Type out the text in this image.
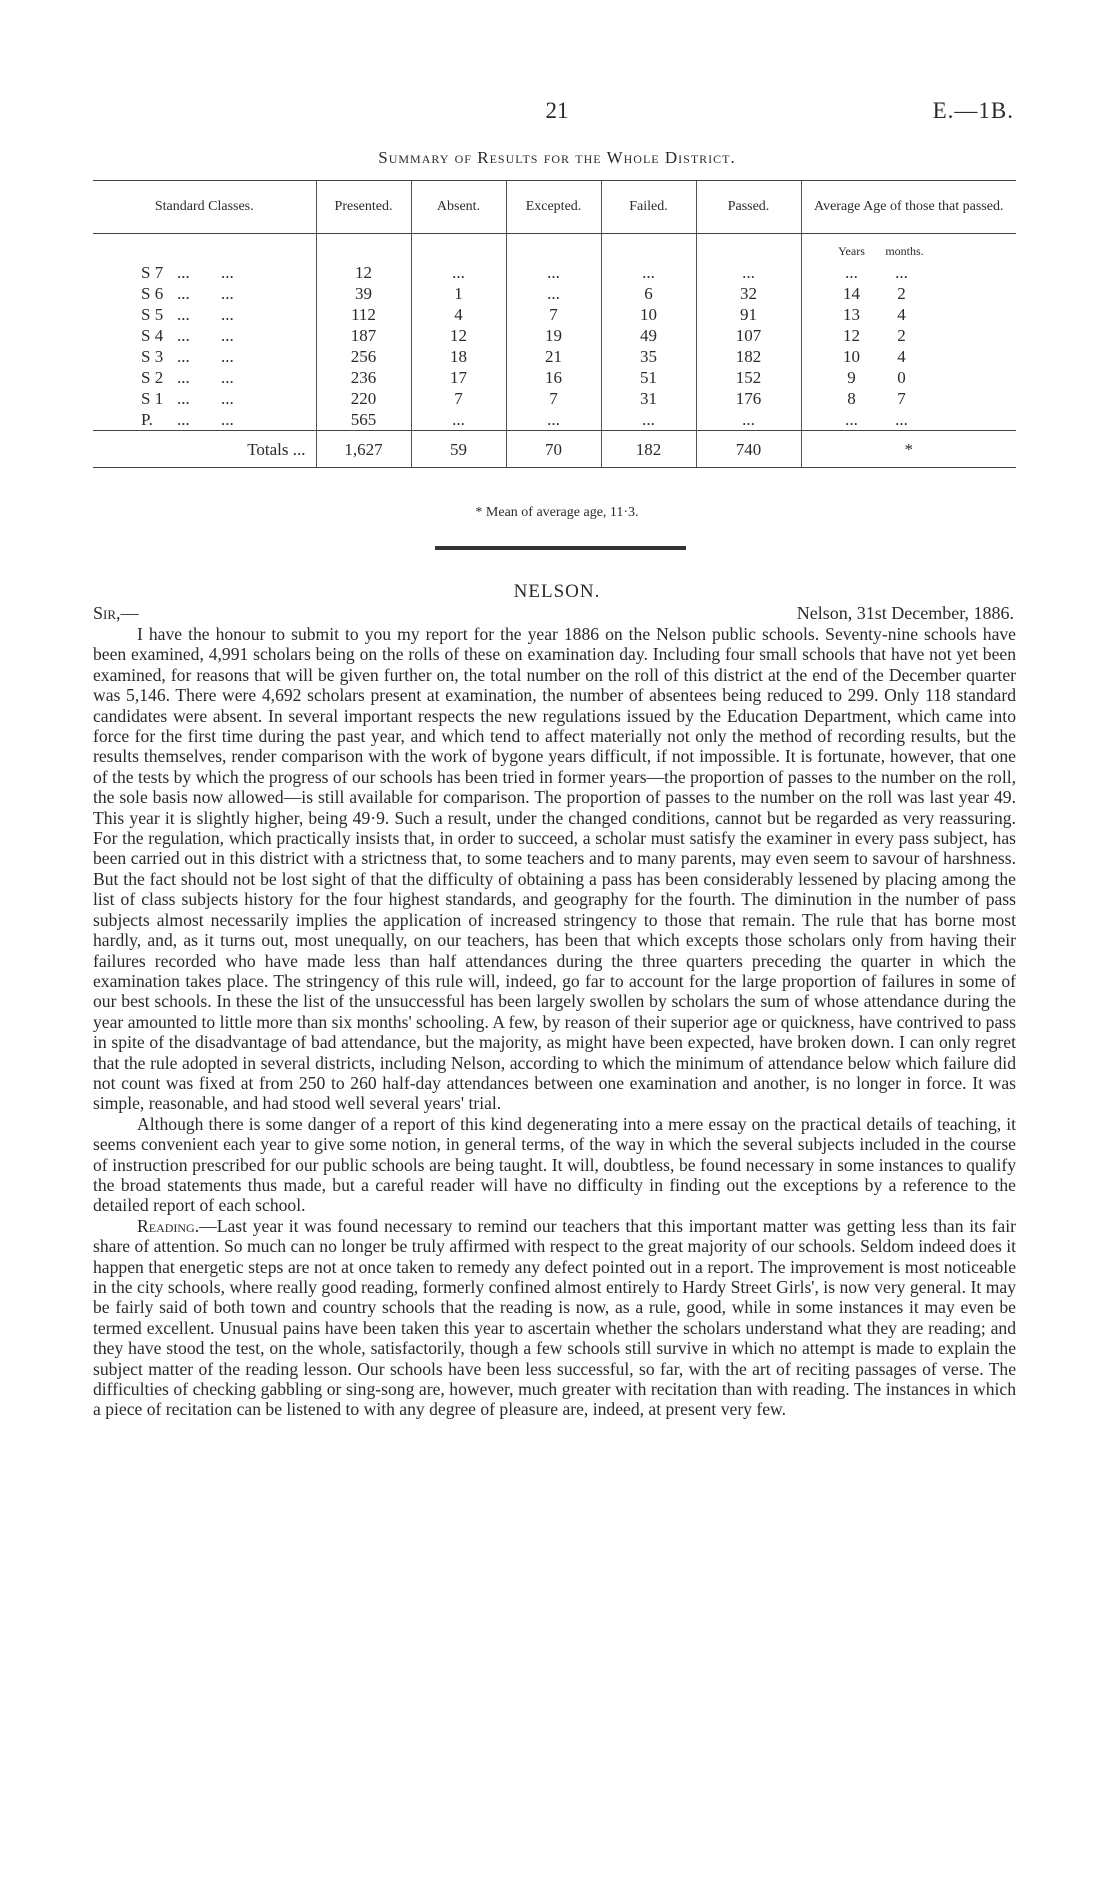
21	E.—1B.
Summary of Results for the Whole District.
Standard Classes.	Presented.	Absent.	Excepted.	Failed.	Passed.	Average Age of those that passed.
						Years months.
S 7 ... ...	12	...	...	...	...	... ...
S 6 ... ...	39	1	...	6	32	14 2
S 5 ... ...	112	4	7	10	91	13 4
S 4 ... ...	187	12	19	49	107	12 2
S 3 ... ...	256	18	21	35	182	10 4
S 2 ... ...	236	17	16	51	152	9 0
S 1 ... ...	220	7	7	31	176	8 7
P. ... ...	565	...	...	...	...	... ...
Totals ...	1,627	59	70	182	740	*
* Mean of average age, 11·3.
NELSON.
Sir,—	Nelson, 31st December, 1886.

I have the honour to submit to you my report for the year 1886 on the Nelson public schools. Seventy-nine schools have been examined, 4,991 scholars being on the rolls of these on examination day. Including four small schools that have not yet been examined, for reasons that will be given further on, the total number on the roll of this district at the end of the December quarter was 5,146. There were 4,692 scholars present at examination, the number of absentees being reduced to 299. Only 118 standard candidates were absent. In several important respects the new regulations issued by the Education Department, which came into force for the first time during the past year, and which tend to affect materially not only the method of recording results, but the results themselves, render comparison with the work of bygone years difficult, if not impossible. It is fortunate, however, that one of the tests by which the progress of our schools has been tried in former years—the proportion of passes to the number on the roll, the sole basis now allowed—is still available for comparison. The proportion of passes to the number on the roll was last year 49. This year it is slightly higher, being 49·9. Such a result, under the changed conditions, cannot but be regarded as very reassuring. For the regulation, which practically insists that, in order to succeed, a scholar must satisfy the examiner in every pass subject, has been carried out in this district with a strictness that, to some teachers and to many parents, may even seem to savour of harshness. But the fact should not be lost sight of that the difficulty of obtaining a pass has been considerably lessened by placing among the list of class subjects history for the four highest standards, and geography for the fourth. The diminution in the number of pass subjects almost necessarily implies the application of increased stringency to those that remain. The rule that has borne most hardly, and, as it turns out, most unequally, on our teachers, has been that which excepts those scholars only from having their failures recorded who have made less than half attendances during the three quarters preceding the quarter in which the examination takes place. The stringency of this rule will, indeed, go far to account for the large proportion of failures in some of our best schools. In these the list of the unsuccessful has been largely swollen by scholars the sum of whose attendance during the year amounted to little more than six months' schooling. A few, by reason of their superior age or quickness, have contrived to pass in spite of the disadvantage of bad attendance, but the majority, as might have been expected, have broken down. I can only regret that the rule adopted in several districts, including Nelson, according to which the minimum of attendance below which failure did not count was fixed at from 250 to 260 half-day attendances between one examination and another, is no longer in force. It was simple, reasonable, and had stood well several years' trial.

Although there is some danger of a report of this kind degenerating into a mere essay on the practical details of teaching, it seems convenient each year to give some notion, in general terms, of the way in which the several subjects included in the course of instruction prescribed for our public schools are being taught. It will, doubtless, be found necessary in some instances to qualify the broad statements thus made, but a careful reader will have no difficulty in finding out the exceptions by a reference to the detailed report of each school.

Reading.—Last year it was found necessary to remind our teachers that this important matter was getting less than its fair share of attention. So much can no longer be truly affirmed with respect to the great majority of our schools. Seldom indeed does it happen that energetic steps are not at once taken to remedy any defect pointed out in a report. The improvement is most noticeable in the city schools, where really good reading, formerly confined almost entirely to Hardy Street Girls', is now very general. It may be fairly said of both town and country schools that the reading is now, as a rule, good, while in some instances it may even be termed excellent. Unusual pains have been taken this year to ascertain whether the scholars understand what they are reading; and they have stood the test, on the whole, satisfactorily, though a few schools still survive in which no attempt is made to explain the subject matter of the reading lesson. Our schools have been less successful, so far, with the art of reciting passages of verse. The difficulties of checking gabbling or sing-song are, however, much greater with recitation than with reading. The instances in which a piece of recitation can be listened to with any degree of pleasure are, indeed, at present very few.
